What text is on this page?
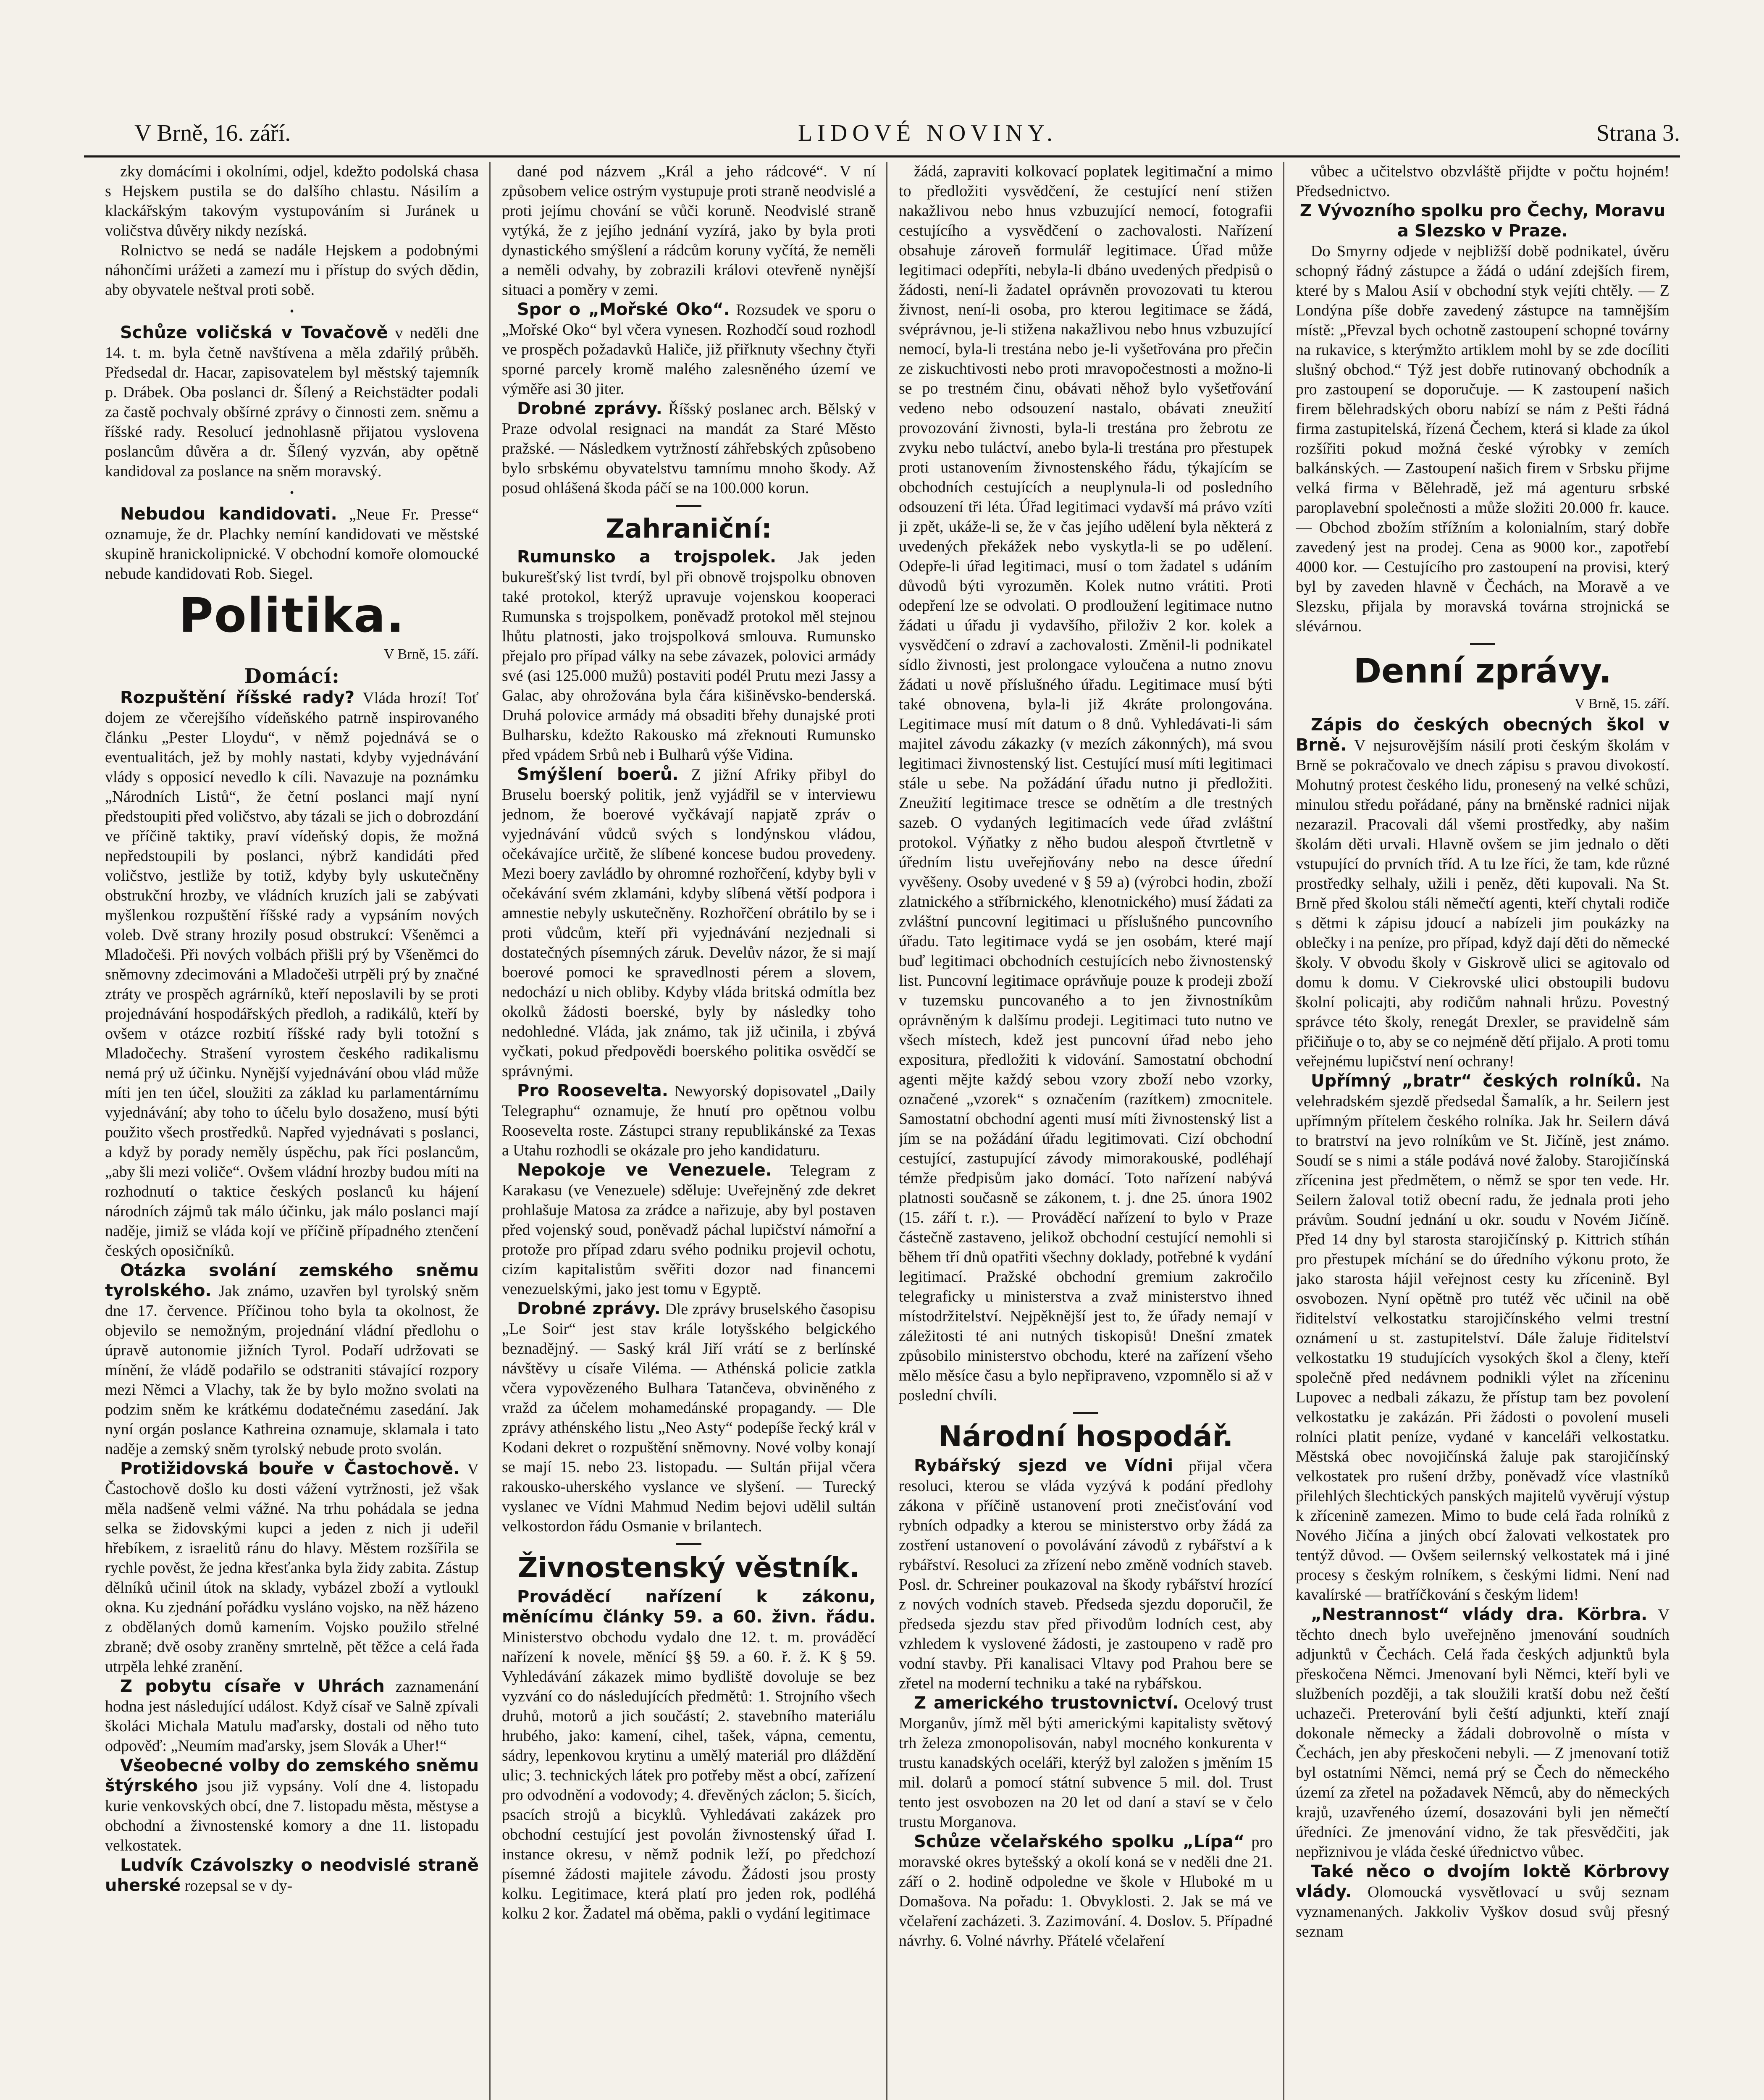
V Brně, 16. září.	LIDOVÉ NOVINY.	Strana 3.

zky domácími i okolními, odjel, kdežto podolská chasa s Hejskem pustila se do dalšího chlastu. Násilím a klackářským takovým vystupováním si Juránek u voličstva důvěry nikdy nezíská.

Rolnictvo se nedá se nadále Hejskem a podobnými náhončími urážeti a zamezí mu i přístup do svých dědin, aby obyvatele neštval proti sobě.

•

Schůze voličská v Tovačově v neděli dne 14. t. m. byla četně navštívena a měla zdařilý průběh. Předsedal dr. Hacar, zapisovatelem byl městský tajemník p. Drábek. Oba poslanci dr. Šílený a Reichstädter podali za častě pochvaly obšírné zprávy o činnosti zem. sněmu a říšské rady. Resolucí jednohlasně přijatou vyslovena poslancům důvěra a dr. Šílený vyzván, aby opětně kandidoval za poslance na sněm moravský.

•

Nebudou kandidovati. „Neue Fr. Presse“ oznamuje, že dr. Plachky nemíní kandidovati ve městské skupině hranickolipnické. V obchodní komoře olomoucké nebude kandidovati Rob. Siegel.

Politika.
V Brně, 15. září.
Domácí:

Rozpuštění říšské rady? Vláda hrozí! Toť dojem ze včerejšího vídeňského patrně inspirovaného článku „Pester Lloydu“, v němž pojednává se o eventualitách, jež by mohly nastati, kdyby vyjednávání vlády s opposicí nevedlo k cíli. Navazuje na poznámku „Národních Listů“, že četní poslanci mají nyní předstoupiti před voličstvo, aby tázali se jich o dobrozdání ve příčině taktiky, praví vídeňský dopis, že možná nepředstoupili by poslanci, nýbrž kandidáti před voličstvo, jestliže by totiž, kdyby byly uskutečněny obstrukční hrozby, ve vládních kruzích jali se zabývati myšlenkou rozpuštění říšské rady a vypsáním nových voleb. Dvě strany hrozily posud obstrukcí: Všeněmci a Mladočeši. Při nových volbách přišli prý by Všeněmci do sněmovny zdecimováni a Mladočeši utrpěli prý by značné ztráty ve prospěch agrárníků, kteří neposlavili by se proti projednávání hospodářských předloh, a radikálů, kteří by ovšem v otázce rozbití říšské rady byli totožní s Mladočechy. Strašení vyrostem českého radikalismu nemá prý už účinku. Nynější vyjednávání obou vlád může míti jen ten účel, sloužiti za základ ku parlamentárnímu vyjednávání; aby toho to účelu bylo dosaženo, musí býti použito všech prostředků. Napřed vyjednávati s poslanci, a když by porady neměly úspěchu, pak říci poslancům, „aby šli mezi voliče“. Ovšem vládní hrozby budou míti na rozhodnutí o taktice českých poslanců ku hájení národních zájmů tak málo účinku, jak málo poslanci mají naděje, jimiž se vláda kojí ve příčině případného ztenčení českých oposičníků.

Otázka svolání zemského sněmu tyrolského. Jak známo, uzavřen byl tyrolský sněm dne 17. července. Příčinou toho byla ta okolnost, že objevilo se nemožným, projednání vládní předlohu o úpravě autonomie jižních Tyrol. Podaří udržovati se mínění, že vládě podařilo se odstraniti stávající rozpory mezi Němci a Vlachy, tak že by bylo možno svolati na podzim sněm ke krátkému dodatečnému zasedání. Jak nyní orgán poslance Kathreina oznamuje, sklamala i tato naděje a zemský sněm tyrolský nebude proto svolán.

Protižidovská bouře v Častochově. V Častochově došlo ku dosti vážení vytržnosti, jež však měla nadšeně velmi vážné. Na trhu pohádala se jedna selka se židovskými kupci a jeden z nich ji udeřil hřebíkem, z israelitů ránu do hlavy. Městem rozšířila se rychle pověst, že jedna křesťanka byla židy zabita. Zástup dělníků učinil útok na sklady, vybázel zboží a vytloukl okna. Ku zjednání pořádku vysláno vojsko, na něž házeno z obdělaných domů kamením. Vojsko použilo střelné zbraně; dvě osoby zraněny smrtelně, pět těžce a celá řada utrpěla lehké zranění.

Z pobytu císaře v Uhrách zaznamenání hodna jest následující událost. Když císař ve Salně zpívali školáci Michala Matulu maďarsky, dostali od něho tuto odpověď: „Neumím maďarsky, jsem Slovák a Uher!“

Všeobecné volby do zemského sněmu štýrského jsou již vypsány. Volí dne 4. listopadu kurie venkovských obcí, dne 7. listopadu města, městyse a obchodní a živnostenské komory a dne 11. listopadu velkostatek.

Ludvík Czávolszky o neodvislé straně uherské rozepsal se v dy-

dané pod názvem „Král a jeho rádcové“. V ní způsobem velice ostrým vystupuje proti straně neodvislé a proti jejímu chování se vůči koruně. Neodvislé straně vytýká, že z jejího jednání vyzírá, jako by byla proti dynastického smýšlení a rádcům koruny vyčítá, že neměli a neměli odvahy, by zobrazili královi otevřeně nynější situaci a poměry v zemi.

Spor o „Mořské Oko“. Rozsudek ve sporu o „Mořské Oko“ byl včera vynesen. Rozhodčí soud rozhodl ve prospěch požadavků Haliče, již přiřknuty všechny čtyři sporné parcely kromě malého zalesněného území ve výměře asi 30 jiter.

Drobné zprávy. Říšský poslanec arch. Bělský v Praze odvolal resignaci na mandát za Staré Město pražské. — Následkem vytržností záhřebských způsobeno bylo srbskému obyvatelstvu tamnímu mnoho škody. Až posud ohlášená škoda páčí se na 100.000 korun.

Zahraniční:

Rumunsko a trojspolek. Jak jeden bukurešťský list tvrdí, byl při obnově trojspolku obnoven také protokol, kterýž upravuje vojenskou kooperaci Rumunska s trojspolkem, poněvadž protokol měl stejnou lhůtu platnosti, jako trojspolková smlouva. Rumunsko přejalo pro případ války na sebe závazek, polovici armády své (asi 125.000 mužů) postaviti podél Prutu mezi Jassy a Galac, aby ohrožována byla čára kišiněvsko-benderská. Druhá polovice armády má obsaditi břehy dunajské proti Bulharsku, kdežto Rakousko má zřeknouti Rumunsko před vpádem Srbů neb i Bulharů výše Vidina.

Smýšlení boerů. Z jižní Afriky přibyl do Bruselu boerský politik, jenž vyjádřil se v interviewu jednom, že boerové vyčkávají napjatě zpráv o vyjednávání vůdců svých s londýnskou vládou, očekávajíce určitě, že slíbené koncese budou provedeny. Mezi boery zavládlo by ohromné rozhořčení, kdyby byli v očekávání svém zklamáni, kdyby slíbená větší podpora i amnestie nebyly uskutečněny. Rozhořčení obrátilo by se i proti vůdcům, kteří při vyjednávání nezjednali si dostatečných písemných záruk. Develův názor, že si mají boerové pomoci ke spravedlnosti pérem a slovem, nedochází u nich obliby. Kdyby vláda britská odmítla bez okolků žádosti boerské, byly by následky toho nedohledné. Vláda, jak známo, tak již učinila, i zbývá vyčkati, pokud předpovědi boerského politika osvědčí se správnými.

Pro Roosevelta. Newyorský dopisovatel „Daily Telegraphu“ oznamuje, že hnutí pro opětnou volbu Roosevelta roste. Zástupci strany republikánské za Texas a Utahu rozhodli se okázale pro jeho kandidaturu.

Nepokoje ve Venezuele. Telegram z Karakasu (ve Venezuele) sděluje: Uveřejněný zde dekret prohlašuje Matosa za zrádce a nařizuje, aby byl postaven před vojenský soud, poněvadž páchal lupičství námořní a protože pro případ zdaru svého podniku projevil ochotu, cizím kapitalistům svěřiti dozor nad financemi venezuelskými, jako jest tomu v Egyptě.

Drobné zprávy. Dle zprávy bruselského časopisu „Le Soir“ jest stav krále lotyšského belgického beznadějný. — Saský král Jiří vrátí se z berlínské návštěvy u císaře Viléma. — Athénská policie zatkla včera vypovězeného Bulhara Tatančeva, obviněného z vražd za účelem mohamedánské propagandy. — Dle zprávy athénského listu „Neo Asty“ podepíše řecký král v Kodani dekret o rozpuštění sněmovny. Nové volby konají se mají 15. nebo 23. listopadu. — Sultán přijal včera rakousko-uherského vyslance ve slyšení. — Turecký vyslanec ve Vídni Mahmud Nedim bejovi udělil sultán velkostordon řádu Osmanie v brilantech.

Živnostenský věstník.

Prováděcí nařízení k zákonu, měnícímu články 59. a 60. živn. řádu. Ministerstvo obchodu vydalo dne 12. t. m. prováděcí nařízení k novele, měnící §§ 59. a 60. ř. ž. K § 59. Vyhledávání zákazek mimo bydliště dovoluje se bez vyzvání co do následujících předmětů: 1. Strojního všech druhů, motorů a jich součástí; 2. stavebního materiálu hrubého, jako: kamení, cihel, tašek, vápna, cementu, sádry, lepenkovou krytinu a umělý materiál pro dláždění ulic; 3. technických látek pro potřeby měst a obcí, zařízení pro odvodnění a vodovody; 4. dřevěných záclon; 5. šicích, psacích strojů a bicyklů. Vyhledávati zakázek pro obchodní cestující jest povolán živnostenský úřad I. instance okresu, v němž podnik leží, po předchozí písemné žádosti majitele závodu. Žádosti jsou prosty kolku. Legitimace, která platí pro jeden rok, podléhá kolku 2 kor. Žadatel má oběma, pakli o vydání legitimace

žádá, zapraviti kolkovací poplatek legitimační a mimo to předložiti vysvědčení, že cestující není stižen nakažlivou nebo hnus vzbuzující nemocí, fotografii cestujícího a vysvědčení o zachovalosti. Nařízení obsahuje zároveň formulář legitimace. Úřad může legitimaci odepříti, nebyla-li dbáno uvedených předpisů o žádosti, není-li žadatel oprávněn provozovati tu kterou živnost, není-li osoba, pro kterou legitimace se žádá, svéprávnou, je-li stižena nakažlivou nebo hnus vzbuzující nemocí, byla-li trestána nebo je-li vyšetřována pro přečin ze ziskuchtivosti nebo proti mravopočestnosti a možno-li se po trestném činu, obávati něhož bylo vyšetřování vedeno nebo odsouzení nastalo, obávati zneužití provozování živnosti, byla-li trestána pro žebrotu ze zvyku nebo tuláctví, anebo byla-li trestána pro přestupek proti ustanovením živnostenského řádu, týkajícím se obchodních cestujících a neuplynula-li od posledního odsouzení tři léta. Úřad legitimaci vydavší má právo vzíti ji zpět, ukáže-li se, že v čas jejího udělení byla některá z uvedených překážek nebo vyskytla-li se po udělení. Odepře-li úřad legitimaci, musí o tom žadatel s udáním důvodů býti vyrozuměn. Kolek nutno vrátiti. Proti odepření lze se odvolati. O prodloužení legitimace nutno žádati u úřadu ji vydavšího, přiloživ 2 kor. kolek a vysvědčení o zdraví a zachovalosti. Změnil-li podnikatel sídlo živnosti, jest prolongace vyloučena a nutno znovu žádati u nově příslušného úřadu. Legitimace musí býti také obnovena, byla-li již 4kráte prolongována. Legitimace musí mít datum o 8 dnů. Vyhledávati-li sám majitel závodu zákazky (v mezích zákonných), má svou legitimaci živnostenský list. Cestující musí míti legitimaci stále u sebe. Na požádání úřadu nutno ji předložiti. Zneužití legitimace tresce se odnětím a dle trestných sazeb. O vydaných legitimacích vede úřad zvláštní protokol. Výňatky z něho budou alespoň čtvrtletně v úředním listu uveřejňovány nebo na desce úřední vyvěšeny. Osoby uvedené v § 59 a) (výrobci hodin, zboží zlatnického a stříbrnického, klenotnického) musí žádati za zvláštní puncovní legitimaci u příslušného puncovního úřadu. Tato legitimace vydá se jen osobám, které mají buď legitimaci obchodních cestujících nebo živnostenský list. Puncovní legitimace oprávňuje pouze k prodeji zboží v tuzemsku puncovaného a to jen živnostníkům oprávněným k dalšímu prodeji. Legitimaci tuto nutno ve všech místech, kdež jest puncovní úřad nebo jeho expositura, předložiti k vidování. Samostatní obchodní agenti mějte každý sebou vzory zboží nebo vzorky, označené „vzorek“ s označením (razítkem) zmocnitele. Samostatní obchodní agenti musí míti živnostenský list a jím se na požádání úřadu legitimovati. Cizí obchodní cestující, zastupující závody mimorakouské, podléhají témže předpisům jako domácí. Toto nařízení nabývá platnosti současně se zákonem, t. j. dne 25. února 1902 (15. září t. r.). — Prováděcí nařízení to bylo v Praze částečně zastaveno, jelikož obchodní cestující nemohli si během tří dnů opatřiti všechny doklady, potřebné k vydání legitimací. Pražské obchodní gremium zakročilo telegraficky u ministerstva a zvaž ministerstvo ihned místodržitelství. Nejpěknější jest to, že úřady nemají v záležitosti té ani nutných tiskopisů! Dnešní zmatek způsobilo ministerstvo obchodu, které na zařízení všeho mělo měsíce času a bylo nepřipraveno, vzpomnělo si až v poslední chvíli.

Národní hospodář.

Rybářský sjezd ve Vídni přijal včera resoluci, kterou se vláda vyzývá k podání předlohy zákona v příčině ustanovení proti znečisťování vod rybních odpadky a kterou se ministerstvo orby žádá za zostření ustanovení o povolávání závodů z rybářství a k rybářství. Resoluci za zřízení nebo změně vodních staveb. Posl. dr. Schreiner poukazoval na škody rybářství hrozící z nových vodních staveb. Předseda sjezdu doporučil, že předseda sjezdu stav před přivodům lodních cest, aby vzhledem k vyslovené žádosti, je zastoupeno v radě pro vodní stavby. Při kanalisaci Vltavy pod Prahou bere se zřetel na moderní techniku a také na rybářskou.

Z amerického trustovnictví. Ocelový trust Morganův, jímž měl býti americkými kapitalisty světový trh železa zmonopolisován, nabyl mocného konkurenta v trustu kanadských oceláři, kterýž byl založen s jměním 15 mil. dolarů a pomocí státní subvence 5 mil. dol. Trust tento jest osvobozen na 20 let od daní a staví se v čelo trustu Morganova.

Schůze včelařského spolku „Lípa“ pro moravské okres bytešský a okolí koná se v neděli dne 21. září o 2. hodině odpoledne ve škole v Hluboké m u Domašova. Na pořadu: 1. Obvyklosti. 2. Jak se má ve včelaření zacházeti. 3. Zazimování. 4. Doslov. 5. Případné návrhy. 6. Volné návrhy. Přátelé včelaření

vůbec a učitelstvo obzvláště přijdte v počtu hojném! Předsednictvo.

Z Vývozního spolku pro Čechy, Moravu a Slezsko v Praze.

Do Smyrny odjede v nejbližší době podnikatel, úvěru schopný řádný zástupce a žádá o udání zdejších firem, které by s Malou Asií v obchodní styk vejíti chtěly. — Z Londýna píše dobře zavedený zástupce na tamnějším místě: „Převzal bych ochotně zastoupení schopné továrny na rukavice, s kterýmžto artiklem mohl by se zde docíliti slušný obchod.“ Týž jest dobře rutinovaný obchodník a pro zastoupení se doporučuje. — K zastoupení našich firem bělehradských oboru nabízí se nám z Pešti řádná firma zastupitelská, řízená Čechem, která si klade za úkol rozšířiti pokud možná české výrobky v zemích balkánských. — Zastoupení našich firem v Srbsku přijme velká firma v Bělehradě, jež má agenturu srbské paroplavební společnosti a může složiti 20.000 fr. kauce. — Obchod zbožím střížním a kolonialním, starý dobře zavedený jest na prodej. Cena as 9000 kor., zapotřebí 4000 kor. — Cestujícího pro zastoupení na provisi, který byl by zaveden hlavně v Čechách, na Moravě a ve Slezsku, přijala by moravská továrna strojnická se slévárnou.

Denní zprávy.
V Brně, 15. září.

Zápis do českých obecných škol v Brně. V nejsurovějším násilí proti českým školám v Brně se pokračovalo ve dnech zápisu s pravou divokostí. Mohutný protest českého lidu, pronesený na velké schůzi, minulou středu pořádané, pány na brněnské radnici nijak nezarazil. Pracovali dál všemi prostředky, aby našim školám děti urvali. Hlavně ovšem se jim jednalo o děti vstupující do prvních tříd. A tu lze říci, že tam, kde různé prostředky selhaly, užili i peněz, děti kupovali. Na St. Brně před školou stáli němečtí agenti, kteří chytali rodiče s dětmi k zápisu jdoucí a nabízeli jim poukázky na oblečky i na peníze, pro případ, když dají děti do německé školy. V obvodu školy v Giskrově ulici se agitovalo od domu k domu. V Ciekrovské ulici obstoupili budovu školní policajti, aby rodičům nahnali hrůzu. Povestný správce této školy, renegát Drexler, se pravidelně sám přičiňuje o to, aby se co nejméně dětí přijalo. A proti tomu veřejnému lupičství není ochrany!

Upřímný „bratr“ českých rolníků. Na velehradském sjezdě předsedal Šamalík, a hr. Seilern jest upřímným přítelem českého rolníka. Jak hr. Seilern dává to bratrství na jevo rolníkům ve St. Jičíně, jest známo. Soudí se s nimi a stále podává nové žaloby. Starojičínská zřícenina jest předmětem, o němž se spor ten vede. Hr. Seilern žaloval totiž obecní radu, že jednala proti jeho právům. Soudní jednání u okr. soudu v Novém Jičíně. Před 14 dny byl starosta starojičínský p. Kittrich stíhán pro přestupek míchání se do úředního výkonu proto, že jako starosta hájil veřejnost cesty ku zřícenině. Byl osvobozen. Nyní opětně pro tutéž věc učinil na obě řiditelství velkostatku starojičínského velmi trestní oznámení u st. zastupitelství. Dále žaluje řiditelství velkostatku 19 studujících vysokých škol a členy, kteří společně před nedávnem podnikli výlet na zříceninu Lupovec a nedbali zákazu, že přístup tam bez povolení velkostatku je zakázán. Při žádosti o povolení museli rolníci platit peníze, vydané v kanceláři velkostatku. Městská obec novojičínská žaluje pak starojičínský velkostatek pro rušení držby, poněvadž více vlastníků přilehlých šlechtických panských majitelů vyvěrují výstup k zřícenině zamezen. Mimo to bude celá řada rolníků z Nového Jičína a jiných obcí žalovati velkostatek pro tentýž důvod. — Ovšem seilernský velkostatek má i jiné procesy s českým rolníkem, s českými lidmi. Není nad kavalírské — bratříčkování s českým lidem!

„Nestrannost“ vlády dra. Körbra. V těchto dnech bylo uveřejněno jmenování soudních adjunktů v Čechách. Celá řada českých adjunktů byla přeskočena Němci. Jmenovaní byli Němci, kteří byli ve službeních později, a tak sloužili kratší dobu než čeští uchazeči. Preterování byli čeští adjunkti, kteří znají dokonale německy a žádali dobrovolně o místa v Čechách, jen aby přeskočeni nebyli. — Z jmenovaní totiž byl ostatními Němci, nemá prý se Čech do německého území za zřetel na požadavek Němců, aby do německých krajů, uzavřeného území, dosazováni byli jen němečtí úředníci. Ze jmenování vidno, že tak přesvědčiti, jak nepřiznivou je vláda české úřednictvo vůbec.

Také něco o dvojím loktě Körbrovy vlády. Olomoucká vysvětlovací u svůj seznam vyznamenaných. Jakkoliv Vyškov dosud svůj přesný seznam
